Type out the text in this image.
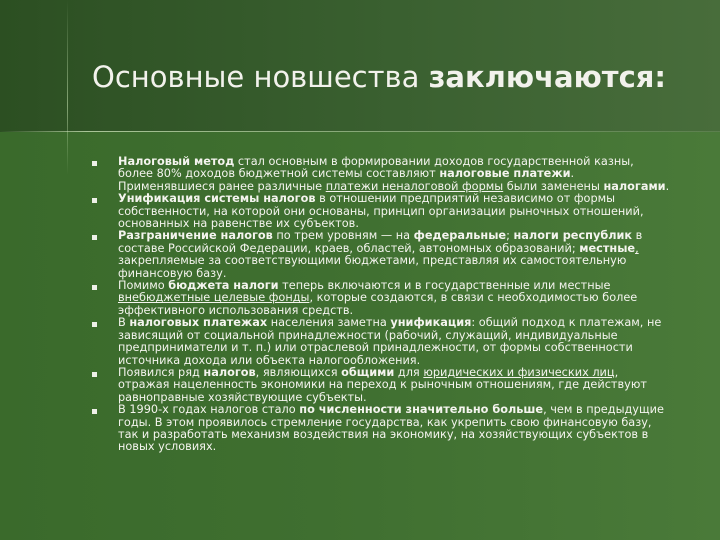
Основные новшества заключаются:
Налоговый метод стал основным в формировании доходов государственной казны, более 80% доходов бюджетной системы составляют налоговые платежи. Применявшиеся ранее различные платежи неналоговой формы были заменены налогами.
Унификация системы налогов в отношении предприятий независимо от формы собственности, на которой они основаны, принцип организации рыночных отношений, основанных на равенстве их субъектов.
Разграничение налогов по трем уровням — на федеральные; налоги республик в составе Российской Федерации, краев, областей, автономных образований; местные, закрепляемые за соответствующими бюджетами, представляя их самостоятельную финансовую базу.
Помимо бюджета налоги теперь включаются и в государственные или местные внебюджетные целевые фонды, которые создаются, в связи с необходимостью более эффективного использования средств.
В налоговых платежах населения заметна унификация: общий подход к платежам, не зависящий от социальной принадлежности (рабочий, служащий, индивидуальные предприниматели и т. п.) или отраслевой принадлежности, от формы собственности источника дохода или объекта налогообложения.
Появился ряд налогов, являющихся общими для юридических и физических лиц, отражая нацеленность экономики на переход к рыночным отношениям, где действуют равноправные хозяйствующие субъекты.
В 1990-х годах налогов стало по численности значительно больше, чем в предыдущие годы. В этом проявилось стремление государства, как укрепить свою финансовую базу, так и разработать механизм воздействия на экономику, на хозяйствующих субъектов в новых условиях.
